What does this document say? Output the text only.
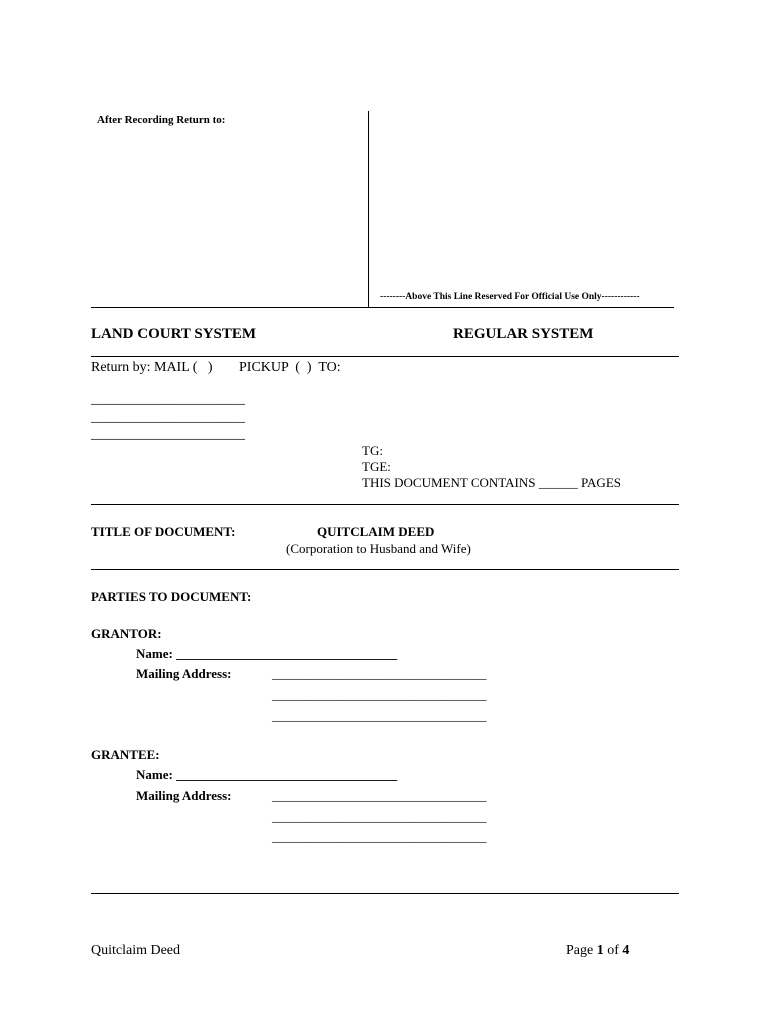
After Recording Return to:
--------Above This Line Reserved For Official Use Only------------
LAND COURT SYSTEM	REGULAR SYSTEM
Return by: MAIL (   ) PICKUP  (  )  TO:
______________________
______________________
______________________
TG:
TGE:
THIS DOCUMENT CONTAINS ______ PAGES
TITLE OF DOCUMENT:	QUITCLAIM DEED
(Corporation to Husband and Wife)
PARTIES TO DOCUMENT:
GRANTOR:
Name: __________________________________
Mailing Address:	_________________________________
_________________________________
_________________________________
GRANTEE:
Name: __________________________________
Mailing Address:	_________________________________
_________________________________
_________________________________
Quitclaim Deed	Page 1 of 4
